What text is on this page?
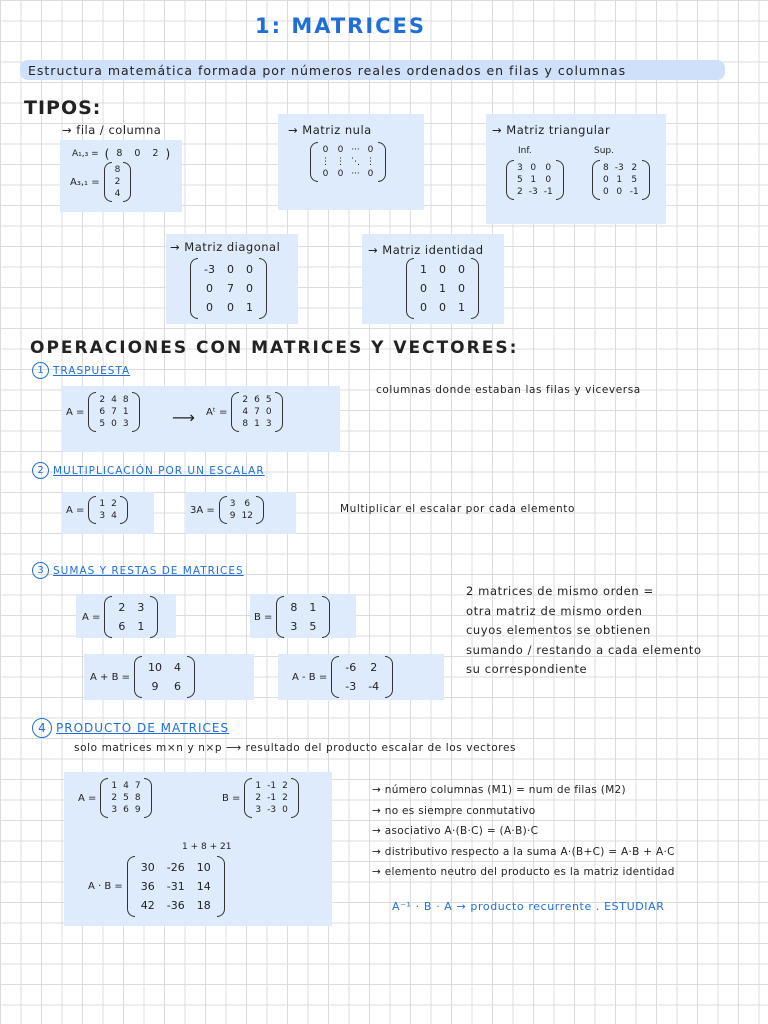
1: MATRICES
Estructura matemática formada por números reales ordenados en filas y columnas
TIPOS:
→ fila / columna
A₁,₃ = ( 8	0	2 )
A₃,₁ =
8
2
4
→ Matriz nula
0	0	···	0
⋮	⋮	⋱	⋮
0	0	···	0
→ Matriz triangular
Inf.	Sup.
3	0	0
5	1	0
2	-3	-1
8	-3	2
0	1	5
0	0	-1
→ Matriz diagonal
-3	0	0
0	7	0
0	0	1
→ Matriz identidad
1	0	0
0	1	0
0	0	1
OPERACIONES CON MATRICES Y VECTORES:
1 TRASPUESTA
A =
2	4	8
6	7	1
5	0	3	⟶ Aᵗ =
2	6	5
4	7	0
8	1	3
columnas donde estaban las filas y viceversa
2 MULTIPLICACIÓN POR UN ESCALAR
A =
1	2
3	4
3A =
3	6
9	12
Multiplicar el escalar por cada elemento
3 SUMAS Y RESTAS DE MATRICES
A =
2	3
6	1
B =
8	1
3	5
A + B =
10	4
9	6
A - B =
-6	2
-3	-4
2 matrices de mismo orden =
otra matriz de mismo orden
cuyos elementos se obtienen
sumando / restando a cada elemento
su correspondiente
4 PRODUCTO DE MATRICES
solo matrices m×n y n×p ⟶ resultado del producto escalar de los vectores
A =
1	4	7
2	5	8
3	6	9
B =
1	-1	2
2	-1	2
3	-3	0
1 + 8 + 21
A · B =
30	-26	10
36	-31	14
42	-36	18
→ número columnas (M1) = num de filas (M2)
→ no es siempre conmutativo
→ asociativo A·(B·C) = (A·B)·C
→ distributivo respecto a la suma A·(B+C) = A·B + A·C
→ elemento neutro del producto es la matriz identidad
A⁻¹ · B · A → producto recurrente . ESTUDIAR
